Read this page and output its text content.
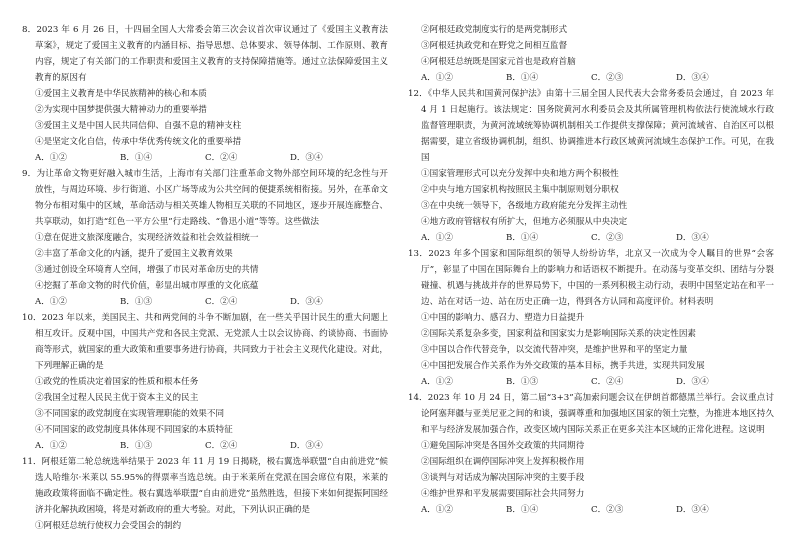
8．2023 年 6 月 26 日，十四届全国人大常委会第三次会议首次审议通过了《爱国主义教育法草案》，规定了爱国主义教育的内涵目标、指导思想、总体要求、领导体制、工作原则、教育内容，规定了有关部门的工作职责和爱国主义教育的支持保障措施等。通过立法保障爱国主义教育的原因有
①爱国主义教育是中华民族精神的核心和本质
②为实现中国梦提供强大精神动力的重要举措
③爱国主义是中国人民共同信仰、自强不息的精神支柱
④是坚定文化自信，传承中华优秀传统文化的重要举措
A．①②	B．①④	C．②④	D．③④
9．为让革命文物更好融入城市生活，上海市有关部门注重革命文物外部空间环境的纪念性与开放性，与周边环境、步行街道、小区广场等成为公共空间的便捷系统相衔接。另外，在革命文物分布相对集中的区域，革命活动与相关英雄人物相互关联的不同地区，逐步开展连廊整合、共享联动，如打造“红色一平方公里”行走路线、“鲁迅小道”等等。这些做法
①意在促进文旅深度融合，实现经济效益和社会效益相统一
②丰富了革命文化的内涵，提升了爱国主义教育效果
③通过创设全环境育人空间，增强了市民对革命历史的共情
④挖掘了革命文物的时代价值，彰显出城市厚重的文化底蕴
A．①②	B．①③	C．②④	D．③④
10．2023 年以来，美国民主、共和两党间的斗争不断加剧，在一些关乎国计民生的重大问题上相互攻讦。反观中国，中国共产党和各民主党派、无党派人士以会议协商、约谈协商、书面协商等形式，就国家的重大政策和重要事务进行协商，共同致力于社会主义现代化建设。对此，下列理解正确的是
①政党的性质决定着国家的性质和根本任务
②我国全过程人民民主优于资本主义的民主
③不同国家的政党制度在实现管理职能的效果不同
④不同国家的政党制度具体体现不同国家的本质特征
A．①②	B．①③	C．②④	D．③④
11．阿根廷第二轮总统选举结果于 2023 年 11 月 19 日揭晓，极右翼选举联盟“自由前进党”候选人哈维尔·米莱以 55.95%的得票率当选总统。由于米莱所在党派在国会席位有限，米莱的施政政策将面临不确定性。极右翼选举联盟“自由前进党”虽然胜选，但接下来如何提振阿国经济并化解执政困境，将是对新政府的重大考验。对此，下列认识正确的是
①阿根廷总统行使权力会受国会的制约
②阿根廷政党制度实行的是两党制形式
③阿根廷执政党和在野党之间相互监督
④阿根廷总统既是国家元首也是政府首脑
A．①②	B．①④	C．②③	D．③④
12．《中华人民共和国黄河保护法》由第十三届全国人民代表大会常务委员会通过，自 2023 年 4 月 1 日起施行。该法规定：国务院黄河水利委员会及其所属管理机构依法行使流域水行政监督管理职责，为黄河流域统筹协调机制相关工作提供支撑保障；黄河流域省、自治区可以根据需要，建立省级协调机制，组织、协调推进本行政区域黄河流域生态保护工作。可见，在我国
①国家管理形式可以充分发挥中央和地方两个积极性
②中央与地方国家机构按照民主集中制原则划分职权
③在中央统一领导下，各级地方政府能充分发挥主动性
④地方政府管辖权有所扩大，但地方必须服从中央决定
A．①②	B．①④	C．②③	D．③④
13．2023 年多个国家和国际组织的领导人纷纷访华，北京又一次成为令人瞩目的世界“会客厅”，彰显了中国在国际舞台上的影响力和话语权不断提升。在动荡与变革交织、团结与分裂碰撞、机遇与挑战并存的世界局势下，中国的一系列积极主动行动，表明中国坚定站在和平一边、站在对话一边、站在历史正确一边，得到各方认同和高度评价。材料表明
①中国的影响力、感召力、塑造力日益提升
②国际关系复杂多变，国家利益和国家实力是影响国际关系的决定性因素
③中国以合作代替竞争，以交流代替冲突，是维护世界和平的坚定力量
④中国把发展合作关系作为外交政策的基本目标，携手共进，实现共同发展
A．①②	B．①③	C．②④	D．③④
14．2023 年 10 月 24 日，第二届“3+3”高加索问题会议在伊朗首都德黑兰举行。会议重点讨论阿塞拜疆与亚美尼亚之间的和谈，强调尊重和加强地区国家的领土完整，为推进本地区持久和平与经济发展加强合作，改变区域内国际关系正在更多关注本区域的正常化进程。这说明
①避免国际冲突是各国外交政策的共同期待
②国际组织在调停国际冲突上发挥积极作用
③谈判与对话成为解决国际冲突的主要手段
④维护世界和平发展需要国际社会共同努力
A．①②	B．①④	C．②③	D．③④
